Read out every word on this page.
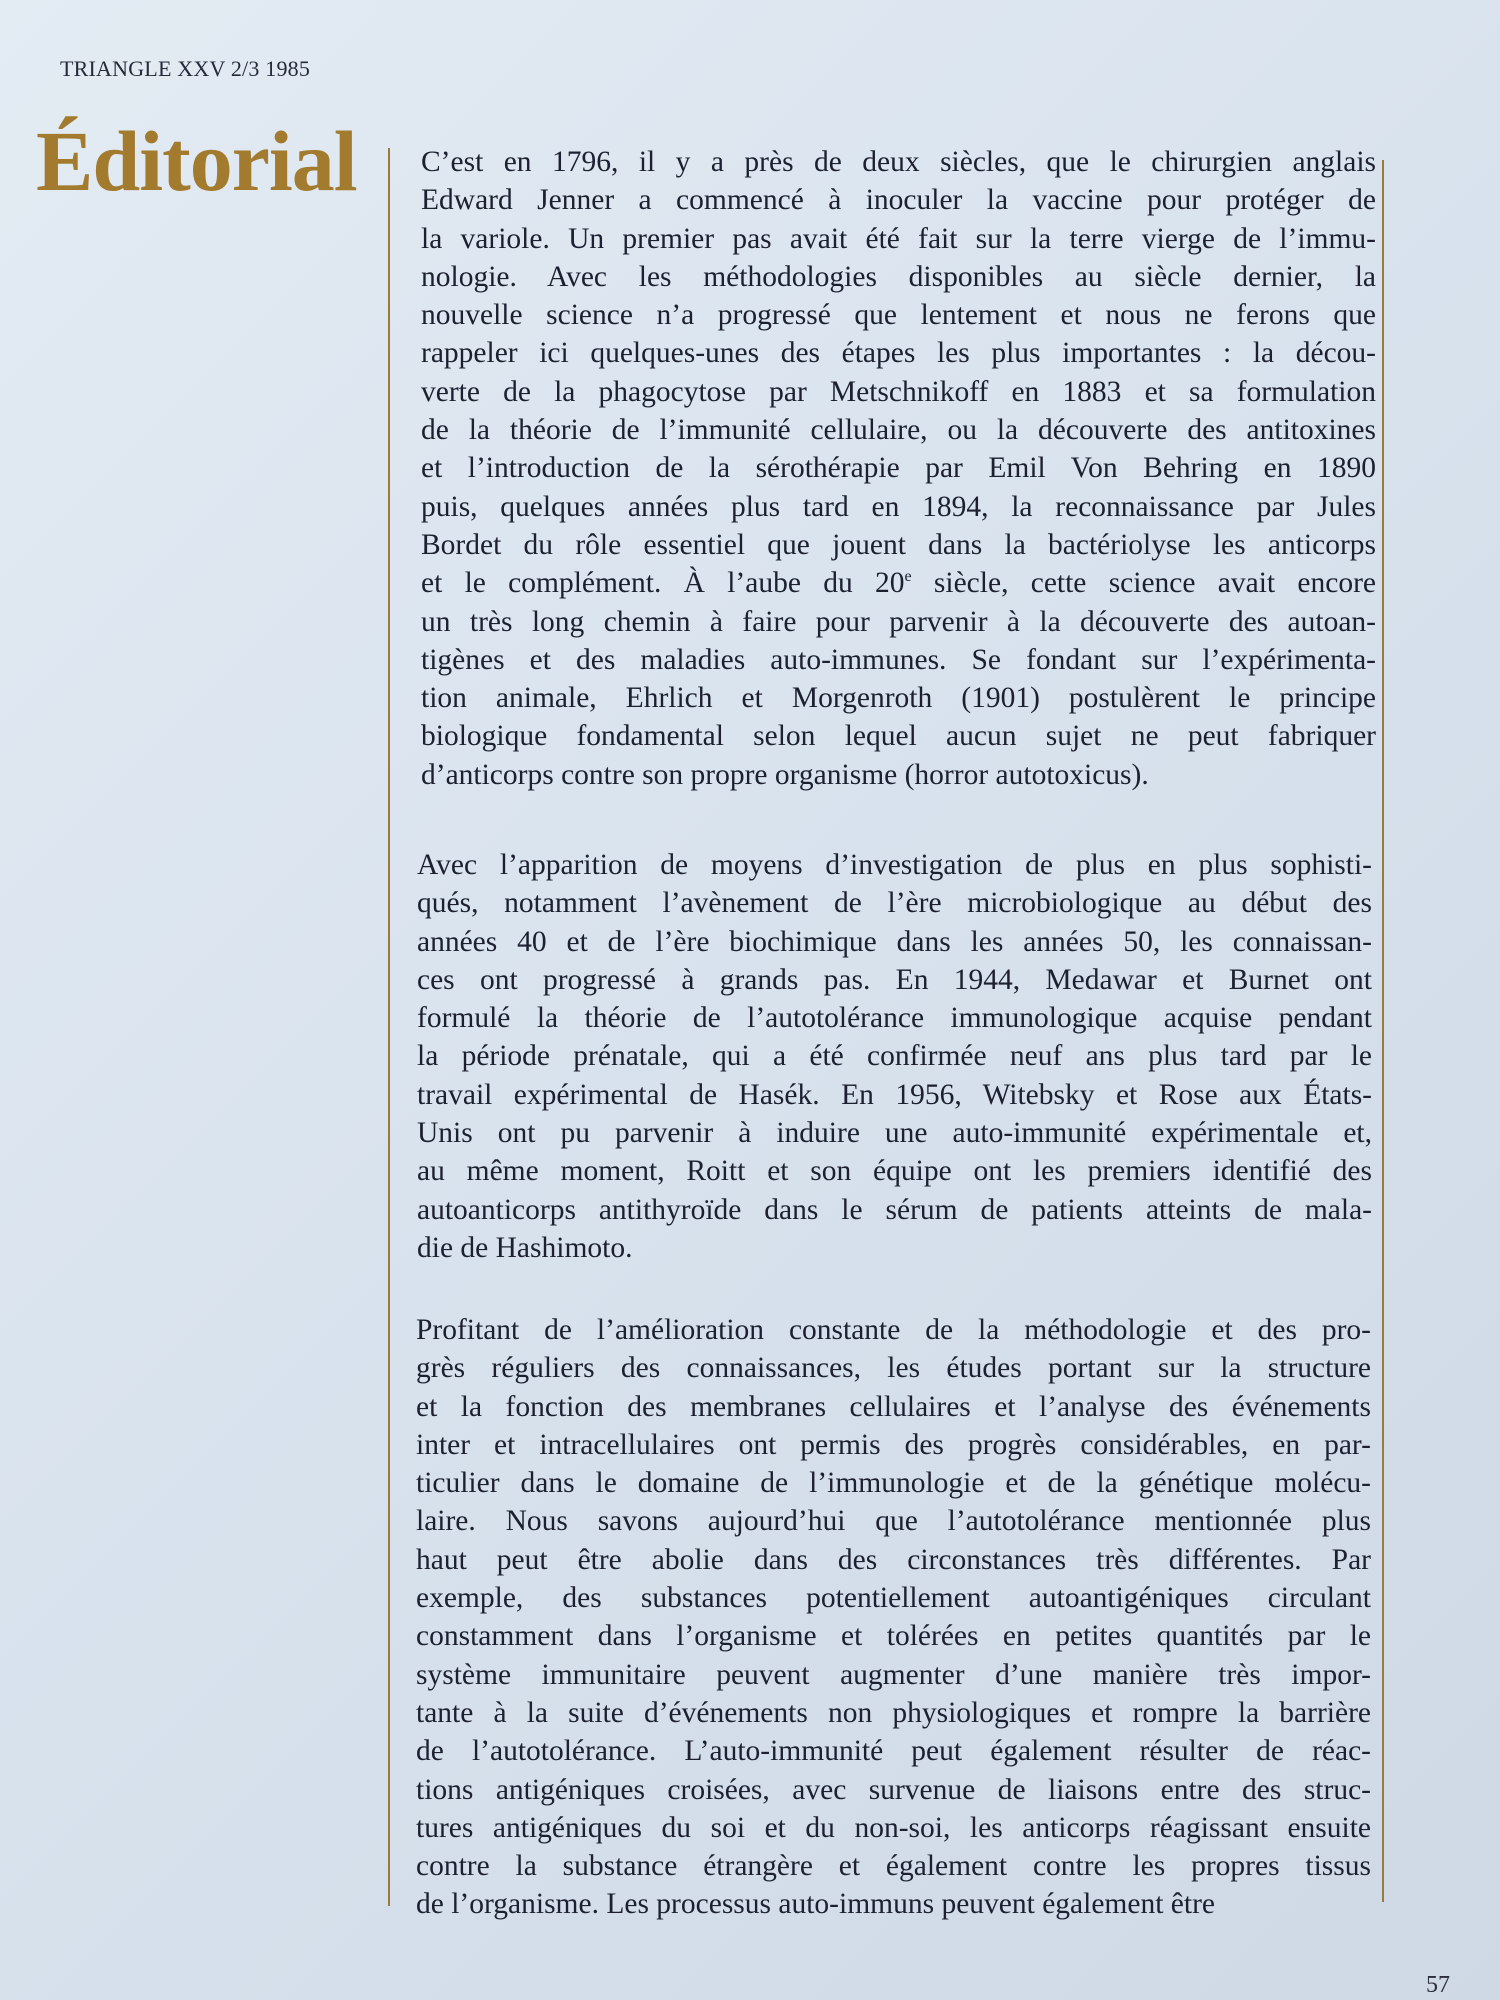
TRIANGLE XXV 2/3 1985
Éditorial C’est en 1796, il y a près de deux siècles, que le chirurgien anglais
Edward Jenner a commencé à inoculer la vaccine pour protéger de
la variole. Un premier pas avait été fait sur la terre vierge de l’immu-
nologie. Avec les méthodologies disponibles au siècle dernier, la
nouvelle science n’a progressé que lentement et nous ne ferons que
rappeler ici quelques-unes des étapes les plus importantes : la décou-
verte de la phagocytose par Metschnikoff en 1883 et sa formulation
de la théorie de l’immunité cellulaire, ou la découverte des antitoxines
et l’introduction de la sérothérapie par Emil Von Behring en 1890
puis, quelques années plus tard en 1894, la reconnaissance par Jules
Bordet du rôle essentiel que jouent dans la bactériolyse les anticorps
et le complément. À l’aube du 20e siècle, cette science avait encore
un très long chemin à faire pour parvenir à la découverte des autoan-
tigènes et des maladies auto-immunes. Se fondant sur l’expérimenta-
tion animale, Ehrlich et Morgenroth (1901) postulèrent le principe
biologique fondamental selon lequel aucun sujet ne peut fabriquer
d’anticorps contre son propre organisme (horror autotoxicus).
Avec l’apparition de moyens d’investigation de plus en plus sophisti-
qués, notamment l’avènement de l’ère microbiologique au début des
années 40 et de l’ère biochimique dans les années 50, les connaissan-
ces ont progressé à grands pas. En 1944, Medawar et Burnet ont
formulé la théorie de l’autotolérance immunologique acquise pendant
la période prénatale, qui a été confirmée neuf ans plus tard par le
travail expérimental de Hasék. En 1956, Witebsky et Rose aux États-
Unis ont pu parvenir à induire une auto-immunité expérimentale et,
au même moment, Roitt et son équipe ont les premiers identifié des
autoanticorps antithyroïde dans le sérum de patients atteints de mala-
die de Hashimoto.
Profitant de l’amélioration constante de la méthodologie et des pro-
grès réguliers des connaissances, les études portant sur la structure
et la fonction des membranes cellulaires et l’analyse des événements
inter et intracellulaires ont permis des progrès considérables, en par-
ticulier dans le domaine de l’immunologie et de la génétique molécu-
laire. Nous savons aujourd’hui que l’autotolérance mentionnée plus
haut peut être abolie dans des circonstances très différentes. Par
exemple, des substances potentiellement autoantigéniques circulant
constamment dans l’organisme et tolérées en petites quantités par le
système immunitaire peuvent augmenter d’une manière très impor-
tante à la suite d’événements non physiologiques et rompre la barrière
de l’autotolérance. L’auto-immunité peut également résulter de réac-
tions antigéniques croisées, avec survenue de liaisons entre des struc-
tures antigéniques du soi et du non-soi, les anticorps réagissant ensuite
contre la substance étrangère et également contre les propres tissus
de l’organisme. Les processus auto-immuns peuvent également être
57
